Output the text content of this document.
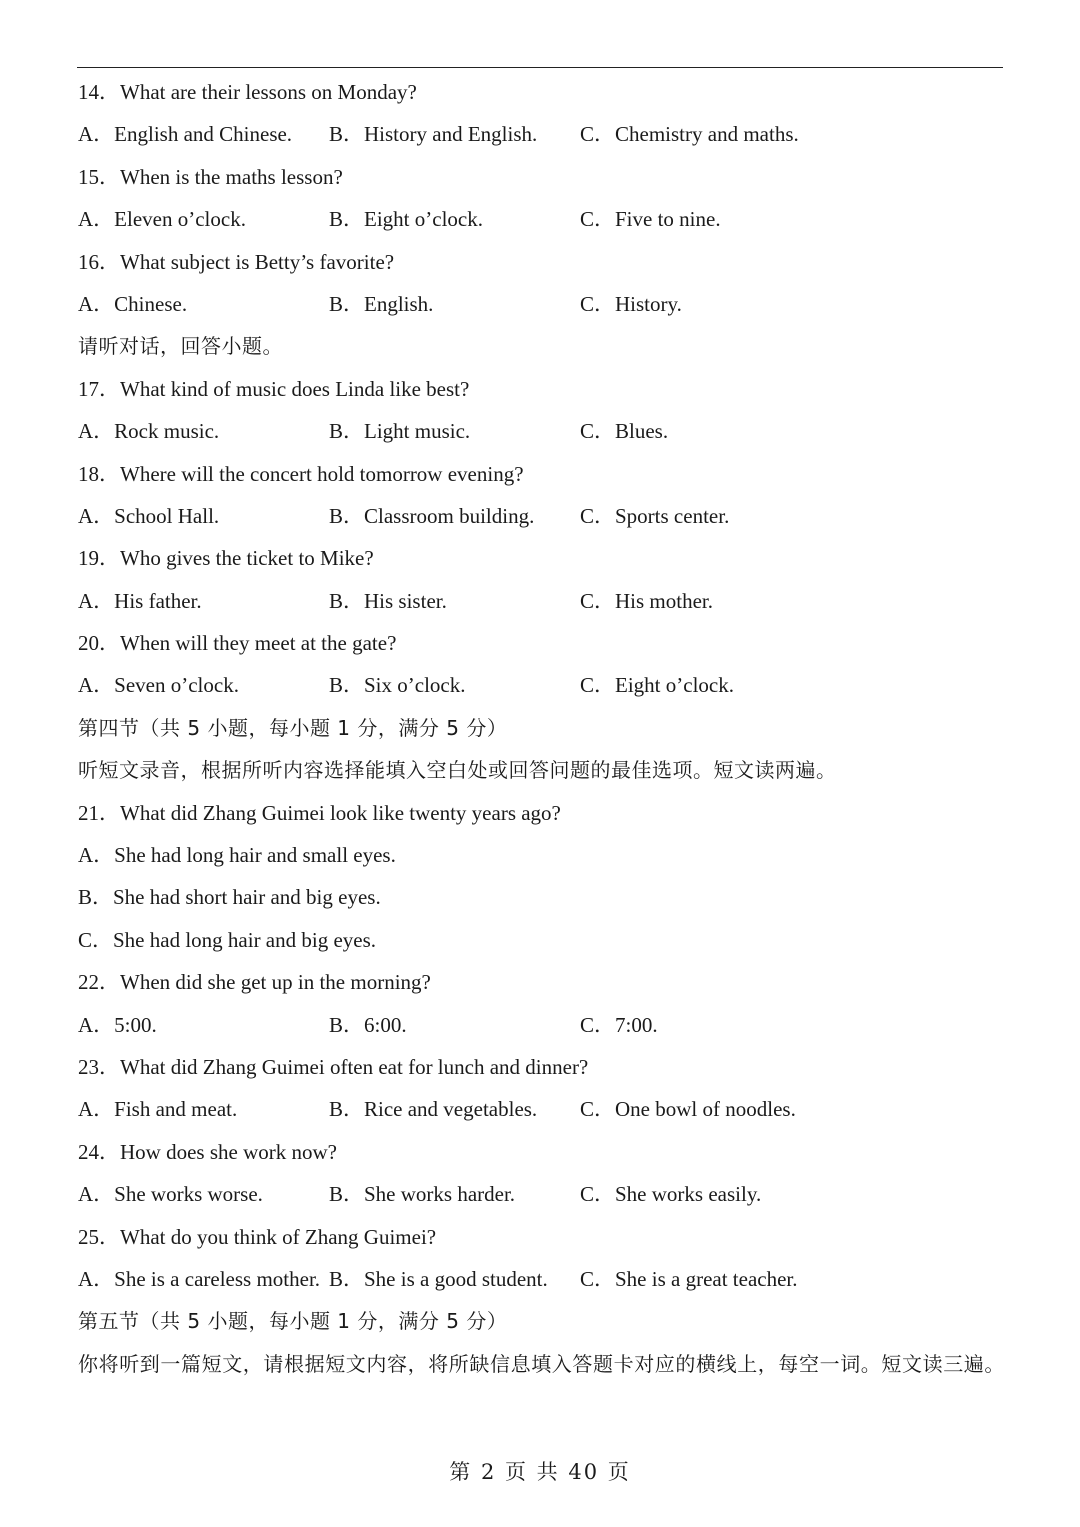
14．What are their lessons on Monday?
A．English and Chinese. B．History and English. C．Chemistry and maths.
15．When is the maths lesson?
A．Eleven o’clock.	B．Eight o’clock.	C．Five to nine.
16．What subject is Betty’s favorite?
A．Chinese.	B．English.	C．History.
请听对话，回答小题。
17．What kind of music does Linda like best?
A．Rock music.	B．Light music.	C．Blues.
18．Where will the concert hold tomorrow evening?
A．School Hall.	B．Classroom building. C．Sports center.
19．Who gives the ticket to Mike?
A．His father.	B．His sister.	C．His mother.
20．When will they meet at the gate?
A．Seven o’clock.	B．Six o’clock.	C．Eight o’clock.
第四节（共 5 小题，每小题 1 分，满分 5 分）
听短文录音，根据所听内容选择能填入空白处或回答问题的最佳选项。短文读两遍。
21．What did Zhang Guimei look like twenty years ago?
A．She had long hair and small eyes.
B．She had short hair and big eyes.
C．She had long hair and big eyes.
22．When did she get up in the morning?
A．5:00.	B．6:00.	C．7:00.
23．What did Zhang Guimei often eat for lunch and dinner?
A．Fish and meat.	B．Rice and vegetables. C．One bowl of noodles.
24．How does she work now?
A．She works worse.	B．She works harder.	C．She works easily.
25．What do you think of Zhang Guimei?
A．She is a careless mother. B．She is a good student. C．She is a great teacher.
第五节（共 5 小题，每小题 1 分，满分 5 分）
你将听到一篇短文，请根据短文内容，将所缺信息填入答题卡对应的横线上，每空一词。短文读三遍。
第 2 页 共 40 页
